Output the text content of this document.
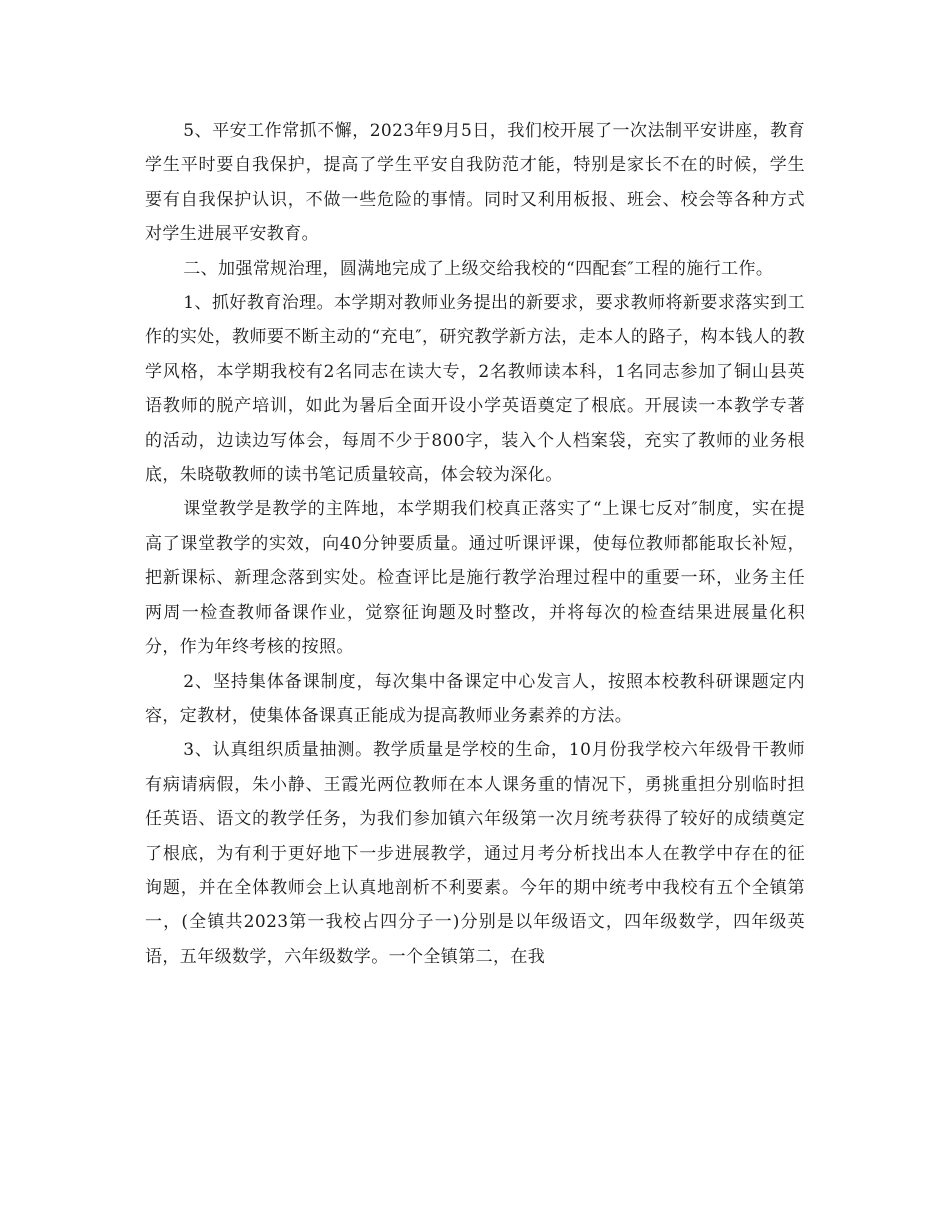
5、平安工作常抓不懈，2023年9月5日，我们校开展了一次法制平安讲座，教育学生平时要自我保护，提高了学生平安自我防范才能，特别是家长不在的时候，学生要有自我保护认识，不做一些危险的事情。同时又利用板报、班会、校会等各种方式对学生进展平安教育。

二、加强常规治理，圆满地完成了上级交给我校的“四配套″工程的施行工作。

1、抓好教育治理。本学期对教师业务提出的新要求，要求教师将新要求落实到工作的实处，教师要不断主动的“充电″，研究教学新方法，走本人的路子，构本钱人的教学风格，本学期我校有2名同志在读大专，2名教师读本科，1名同志参加了铜山县英语教师的脱产培训，如此为暑后全面开设小学英语奠定了根底。开展读一本教学专著的活动，边读边写体会，每周不少于800字，装入个人档案袋，充实了教师的业务根底，朱晓敬教师的读书笔记质量较高，体会较为深化。

课堂教学是教学的主阵地，本学期我们校真正落实了“上课七反对″制度，实在提高了课堂教学的实效，向40分钟要质量。通过听课评课，使每位教师都能取长补短，把新课标、新理念落到实处。检查评比是施行教学治理过程中的重要一环，业务主任两周一检查教师备课作业，觉察征询题及时整改，并将每次的检查结果进展量化积分，作为年终考核的按照。

2、坚持集体备课制度，每次集中备课定中心发言人，按照本校教科研课题定内容，定教材，使集体备课真正能成为提高教师业务素养的方法。

3、认真组织质量抽测。教学质量是学校的生命，10月份我学校六年级骨干教师有病请病假，朱小静、王霞光两位教师在本人课务重的情况下，勇挑重担分别临时担任英语、语文的教学任务，为我们参加镇六年级第一次月统考获得了较好的成绩奠定了根底，为有利于更好地下一步进展教学，通过月考分析找出本人在教学中存在的征询题，并在全体教师会上认真地剖析不利要素。今年的期中统考中我校有五个全镇第一，(全镇共2023第一我校占四分子一)分别是以年级语文，四年级数学，四年级英语，五年级数学，六年级数学。一个全镇第二，在我
